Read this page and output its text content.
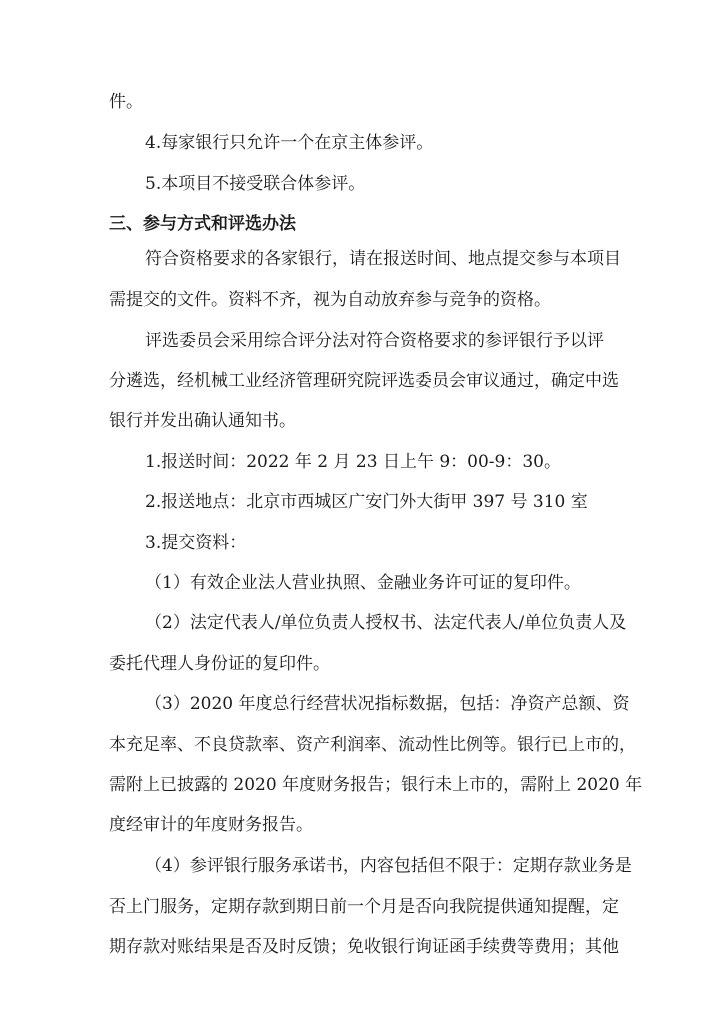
件。
4.每家银行只允许一个在京主体参评。
5.本项目不接受联合体参评。
三、参与方式和评选办法
符合资格要求的各家银行，请在报送时间、地点提交参与本项目
需提交的文件。资料不齐，视为自动放弃参与竞争的资格。
评选委员会采用综合评分法对符合资格要求的参评银行予以评
分遴选，经机械工业经济管理研究院评选委员会审议通过，确定中选
银行并发出确认通知书。
1.报送时间：2022 年 2 月 23 日上午 9：00-9：30。
2.报送地点：北京市西城区广安门外大街甲 397 号 310 室
3.提交资料：
（1）有效企业法人营业执照、金融业务许可证的复印件。
（2）法定代表人/单位负责人授权书、法定代表人/单位负责人及
委托代理人身份证的复印件。
（3）2020 年度总行经营状况指标数据，包括：净资产总额、资
本充足率、不良贷款率、资产利润率、流动性比例等。银行已上市的，
需附上已披露的 2020 年度财务报告；银行未上市的，需附上 2020 年
度经审计的年度财务报告。
（4）参评银行服务承诺书，内容包括但不限于：定期存款业务是
否上门服务，定期存款到期日前一个月是否向我院提供通知提醒，定
期存款对账结果是否及时反馈；免收银行询证函手续费等费用；其他
